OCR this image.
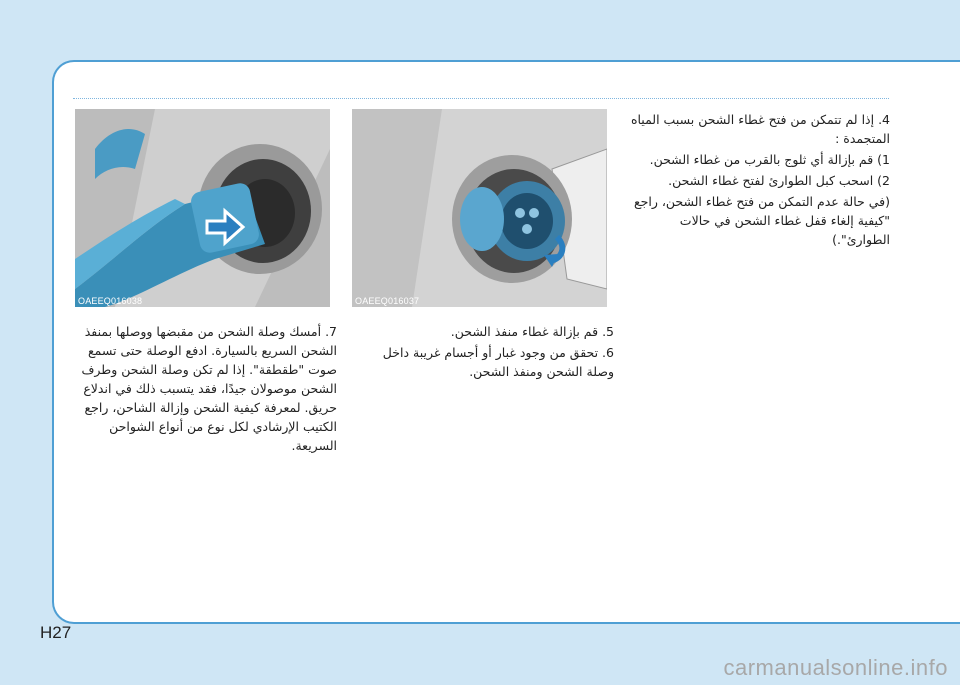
OAEEQ016038	OAEEQ016037

4. إذا لم تتمكن من فتح غطاء الشحن بسبب المياه المتجمدة :

1) قم بإزالة أي ثلوج بالقرب من غطاء الشحن.

2) اسحب كبل الطوارئ لفتح غطاء الشحن.

(في حالة عدم التمكن من فتح غطاء الشحن، راجع "كيفية إلغاء قفل غطاء الشحن في حالات الطوارئ".)

5. قم بإزالة غطاء منفذ الشحن.

6. تحقق من وجود غبار أو أجسام غريبة داخل وصلة الشحن ومنفذ الشحن.

7. أمسك وصلة الشحن من مقبضها ووصلها بمنفذ الشحن السريع بالسيارة. ادفع الوصلة حتى تسمع صوت "طقطقة". إذا لم تكن وصلة الشحن وطرف الشحن موصولان جيدًا، فقد يتسبب ذلك في اندلاع حريق. لمعرفة كيفية الشحن وإزالة الشاحن، راجع الكتيب الإرشادي لكل نوع من أنواع الشواحن السريعة.

H27
carmanualsonline.info
